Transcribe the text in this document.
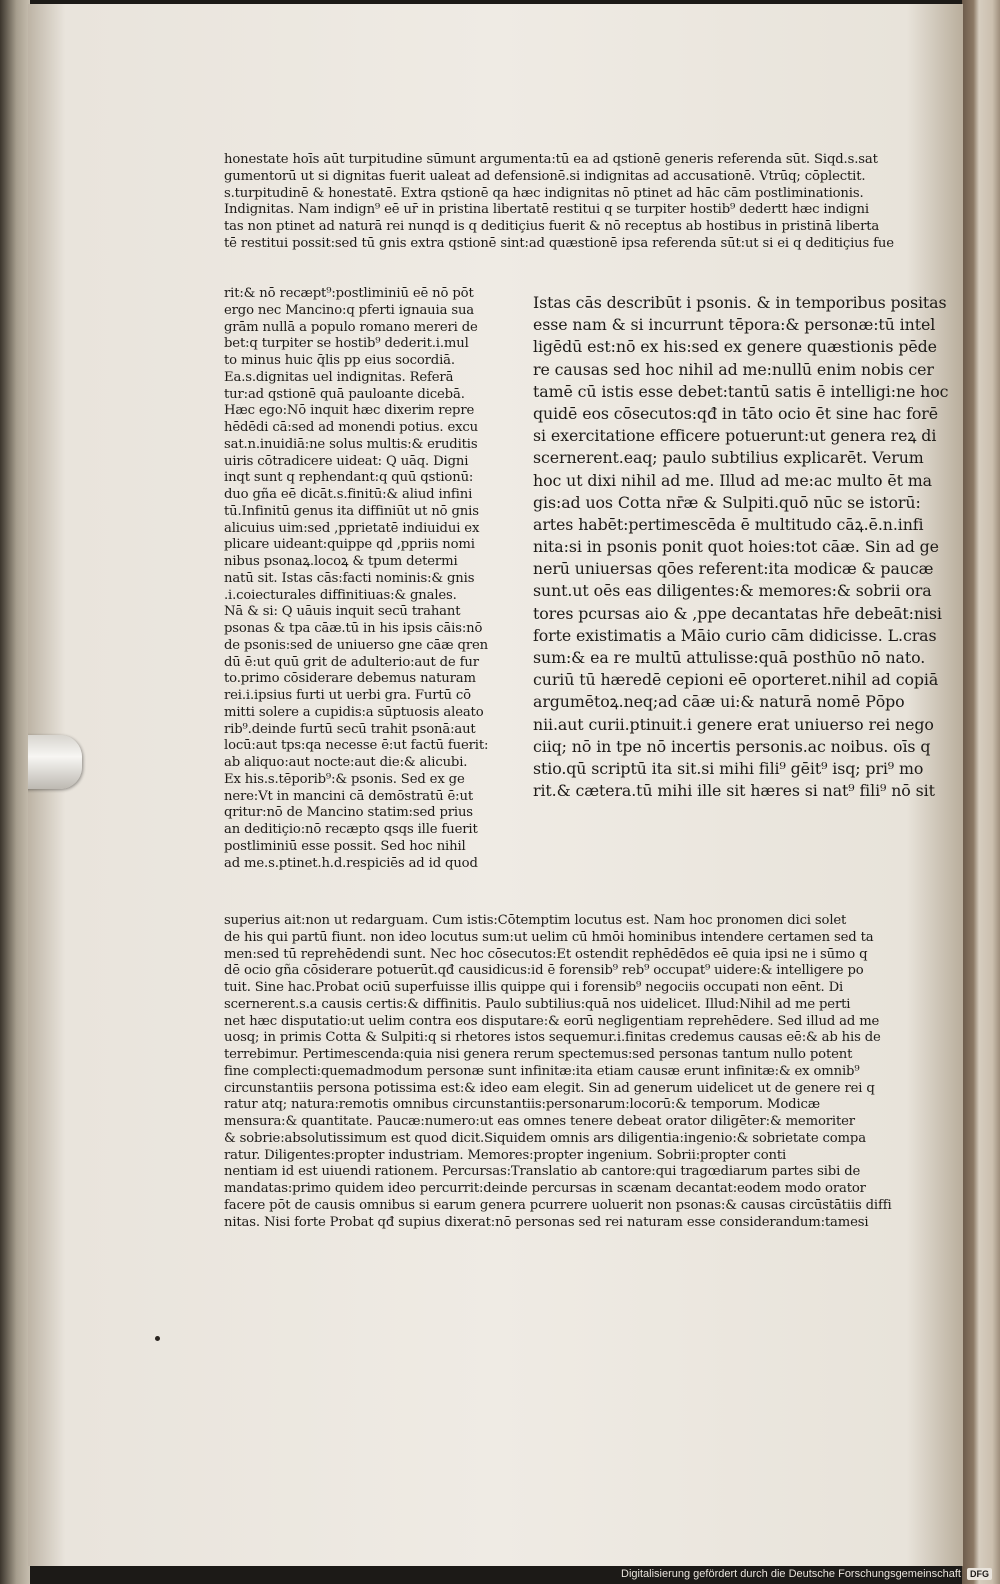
honestate hoīs aūt turpitudine sūmunt argumenta:tū ea ad qstionē generis referenda sūt. Siqd.s.sat
gumentorū ut si dignitas fuerit ualeat ad defensionē.si indignitas ad accusationē. Vtrūq; cōplectit.
s.turpitudinē & honestatē. Extra qstionē qa hæc indignitas nō ptinet ad hāc cām postliminationis.
Indignitas. Nam indign⁹ eē ur̄ in pristina libertatē restitui q se turpiter hostib⁹ dedertt hæc indigni
tas non ptinet ad naturā rei nunqd is q deditiçius fuerit & nō receptus ab hostibus in pristinā liberta
tē restitui possit:sed tū gnis extra qstionē sint:ad quæstionē ipsa referenda sūt:ut si ei q deditiçius fue
rit:& nō recæpt⁹:postliminiū eē nō pōt
ergo nec Mancino:q pferti ignauia sua
grām nullā a populo romano mereri de
bet:q turpiter se hostib⁹ dederit.i.mul
to minus huic q̄lis pp eius socordiā.
Ea.s.dignitas uel indignitas. Referā
tur:ad qstionē quā pauloante dicebā.
Hæc ego:Nō inquit hæc dixerim repre
hēdēdi cā:sed ad monendi potius. excu
sat.n.inuidiā:ne solus multis:& eruditis
uiris cōtradicere uideat: Q uāq. Digni
inqt sunt q rephendant:q quū qstionū:
duo gña eē dicāt.s.finitū:& aliud infini
tū.Infinitū genus ita diffiniūt ut nō gnis
alicuius uim:sed ,pprietatē indiuidui ex
plicare uideant:quippe qd ,ppriis nomi
nibus psonaꝝ.locoꝝ & tpum determi
natū sit. Istas cās:facti nominis:& gnis
.i.coiecturales diffinitiuas:& gnales.
Nā & si: Q uāuis inquit secū trahant
psonas & tpa cāæ.tū in his ipsis cāis:nō
de psonis:sed de uniuerso gne cāæ qren
dū ē:ut quū grit de adulterio:aut de fur
to.primo cōsiderare debemus naturam
rei.i.ipsius furti ut uerbi gra. Furtū cō
mitti solere a cupidis:a sūptuosis aleato
rib⁹.deinde furtū secū trahit psonā:aut
locū:aut tps:qa necesse ē:ut factū fuerit:
ab aliquo:aut nocte:aut die:& alicubi.
Ex his.s.tēporib⁹:& psonis. Sed ex ge
nere:Vt in mancini cā demōstratū ē:ut
qritur:nō de Mancino statim:sed prius
an deditiçio:nō recæpto qsqs ille fuerit
postliminiū esse possit. Sed hoc nihil
ad me.s.ptinet.h.d.respiciēs ad id quod
Istas cās describūt i psonis. & in temporibus positas
esse nam & si incurrunt tēpora:& personæ:tū intel
ligēdū est:nō ex his:sed ex genere quæstionis pēde
re causas sed hoc nihil ad me:nullū enim nobis cer
tamē cū istis esse debet:tantū satis ē intelligi:ne hoc
quidē eos cōsecutos:qđ in tāto ocio ēt sine hac forē
si exercitatione efficere potuerunt:ut genera reꝝ di
scernerent.eaq; paulo subtilius explicarēt. Verum
hoc ut dixi nihil ad me. Illud ad me:ac multo ēt ma
gis:ad uos Cotta nr̄æ & Sulpiti.quō nūc se istorū:
artes habēt:pertimescēda ē multitudo cāꝝ.ē.n.infi
nita:si in psonis ponit quot hoies:tot cāæ. Sin ad ge
nerū uniuersas qōes referent:ita modicæ & paucæ
sunt.ut oēs eas diligentes:& memores:& sobrii ora
tores pcursas aio & ,ppe decantatas hr̄e debeāt:nisi
forte existimatis a Māio curio cām didicisse. L.cras
sum:& ea re multū attulisse:quā posthūo nō nato.
curiū tū hæredē cepioni eē oporteret.nihil ad copiā
argumētoꝝ.neq;ad cāæ ui:& naturā nomē Pōpo
nii.aut curii.ptinuit.i genere erat uniuerso rei nego
ciiq; nō in tpe nō incertis personis.ac noibus. oīs q
stio.qū scriptū ita sit.si mihi fili⁹ gēit⁹ isq; pri⁹ mo
rit.& cætera.tū mihi ille sit hæres si nat⁹ fili⁹ nō sit
superius ait:non ut redarguam. Cum istis:Cōtemptim locutus est. Nam hoc pronomen dici solet
de his qui partū fiunt. non ideo locutus sum:ut uelim cū hmōi hominibus intendere certamen sed ta
men:sed tū reprehēdendi sunt. Nec hoc cōsecutos:Et ostendit rephēdēdos eē quia ipsi ne i sūmo q
dē ocio gña cōsiderare potuerūt.qđ causidicus:id ē forensib⁹ reb⁹ occupat⁹ uidere:& intelligere po
tuit. Sine hac.Probat ociū superfuisse illis quippe qui i forensib⁹ negociis occupati non eēnt. Di
scernerent.s.a causis certis:& diffinitis. Paulo subtilius:quā nos uidelicet. Illud:Nihil ad me perti
net hæc disputatio:ut uelim contra eos disputare:& eorū negligentiam reprehēdere. Sed illud ad me
uosq; in primis Cotta & Sulpiti:q si rhetores istos sequemur.i.finitas credemus causas eē:& ab his de
terrebimur. Pertimescenda:quia nisi genera rerum spectemus:sed personas tantum nullo potent
fine complecti:quemadmodum personæ sunt infinitæ:ita etiam causæ erunt infinitæ:& ex omnib⁹
circunstantiis persona potissima est:& ideo eam elegit. Sin ad generum uidelicet ut de genere rei q
ratur atq; natura:remotis omnibus circunstantiis:personarum:locorū:& temporum. Modicæ
mensura:& quantitate. Paucæ:numero:ut eas omnes tenere debeat orator diligēter:& memoriter
& sobrie:absolutissimum est quod dicit.Siquidem omnis ars diligentia:ingenio:& sobrietate compa
ratur. Diligentes:propter industriam. Memores:propter ingenium. Sobrii:propter conti
nentiam id est uiuendi rationem. Percursas:Translatio ab cantore:qui tragœdiarum partes sibi de
mandatas:primo quidem ideo percurrit:deinde percursas in scænam decantat:eodem modo orator
facere pōt de causis omnibus si earum genera pcurrere uoluerit non psonas:& causas circūstātiis diffi
nitas. Nisi forte Probat qđ supius dixerat:nō personas sed rei naturam esse considerandum:tamesi
Digitalisierung gefördert durch die Deutsche Forschungsgemeinschaft	DFG
